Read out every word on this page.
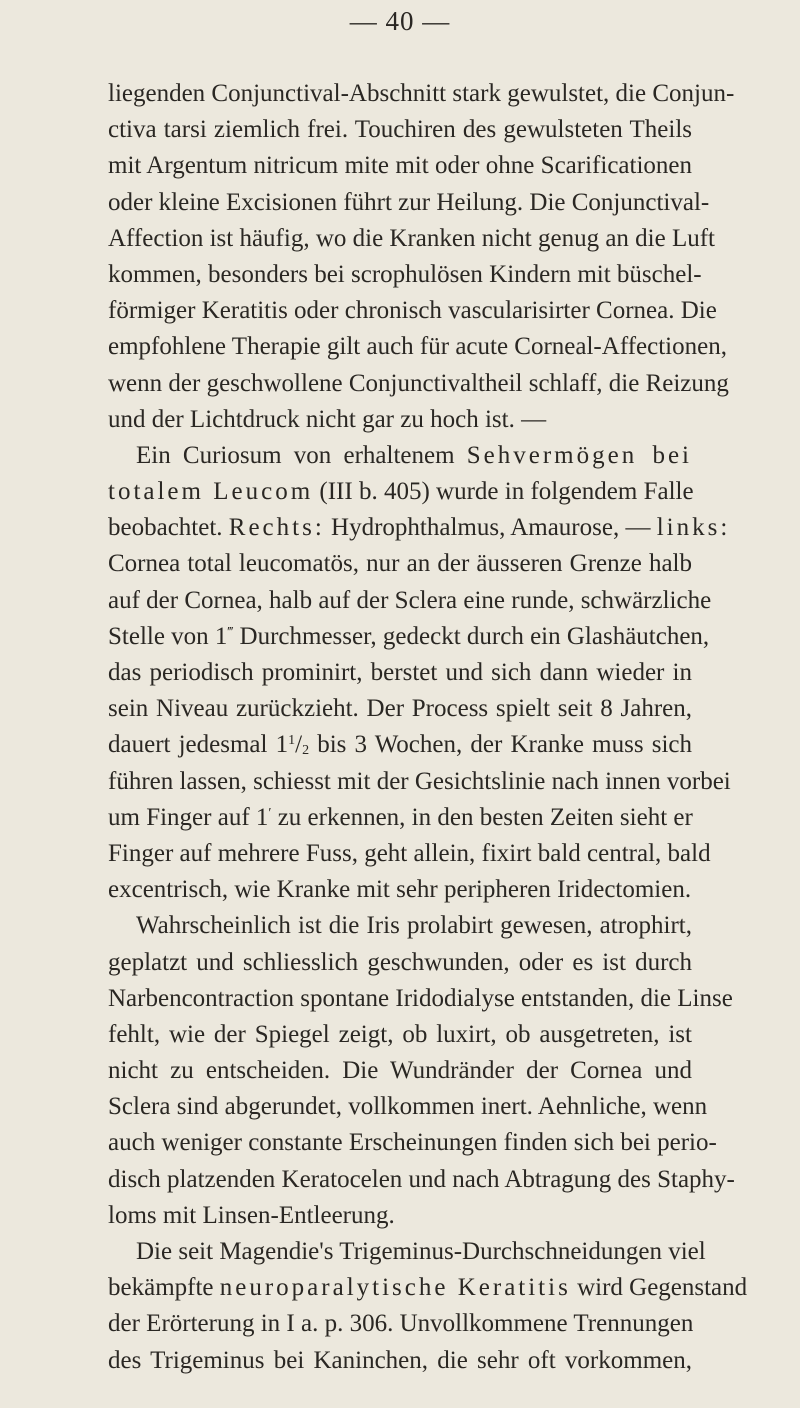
— 40 —
liegenden Conjunctival-Abschnitt stark gewulstet, die Conjun-
ctiva tarsi ziemlich frei. Touchiren des gewulsteten Theils
mit Argentum nitricum mite mit oder ohne Scarificationen
oder kleine Excisionen führt zur Heilung. Die Conjunctival-
Affection ist häufig, wo die Kranken nicht genug an die Luft
kommen, besonders bei scrophulösen Kindern mit büschel-
förmiger Keratitis oder chronisch vascularisirter Cornea. Die
empfohlene Therapie gilt auch für acute Corneal-Affectionen,
wenn der geschwollene Conjunctivaltheil schlaff, die Reizung
und der Lichtdruck nicht gar zu hoch ist. —
Ein Curiosum von erhaltenem Sehvermögen bei
totalem Leucom (III b. 405) wurde in folgendem Falle
beobachtet. Rechts: Hydrophthalmus, Amaurose, — links:
Cornea total leucomatös, nur an der äusseren Grenze halb
auf der Cornea, halb auf der Sclera eine runde, schwärzliche
Stelle von 1‴ Durchmesser, gedeckt durch ein Glashäutchen,
das periodisch prominirt, berstet und sich dann wieder in
sein Niveau zurückzieht. Der Process spielt seit 8 Jahren,
dauert jedesmal $1^1/_2$ bis 3 Wochen, der Kranke muss sich
führen lassen, schiesst mit der Gesichtslinie nach innen vorbei
um Finger auf 1′ zu erkennen, in den besten Zeiten sieht er
Finger auf mehrere Fuss, geht allein, fixirt bald central, bald
excentrisch, wie Kranke mit sehr peripheren Iridectomien.
Wahrscheinlich ist die Iris prolabirt gewesen, atrophirt,
geplatzt und schliesslich geschwunden, oder es ist durch
Narbencontraction spontane Iridodialyse entstanden, die Linse
fehlt, wie der Spiegel zeigt, ob luxirt, ob ausgetreten, ist
nicht zu entscheiden. Die Wundränder der Cornea und
Sclera sind abgerundet, vollkommen inert. Aehnliche, wenn
auch weniger constante Erscheinungen finden sich bei perio-
disch platzenden Keratocelen und nach Abtragung des Staphy-
loms mit Linsen-Entleerung.
Die seit Magendie's Trigeminus-Durchschneidungen viel
bekämpfte neuroparalytische Keratitis wird Gegenstand
der Erörterung in I a. p. 306. Unvollkommene Trennungen
des Trigeminus bei Kaninchen, die sehr oft vorkommen,
